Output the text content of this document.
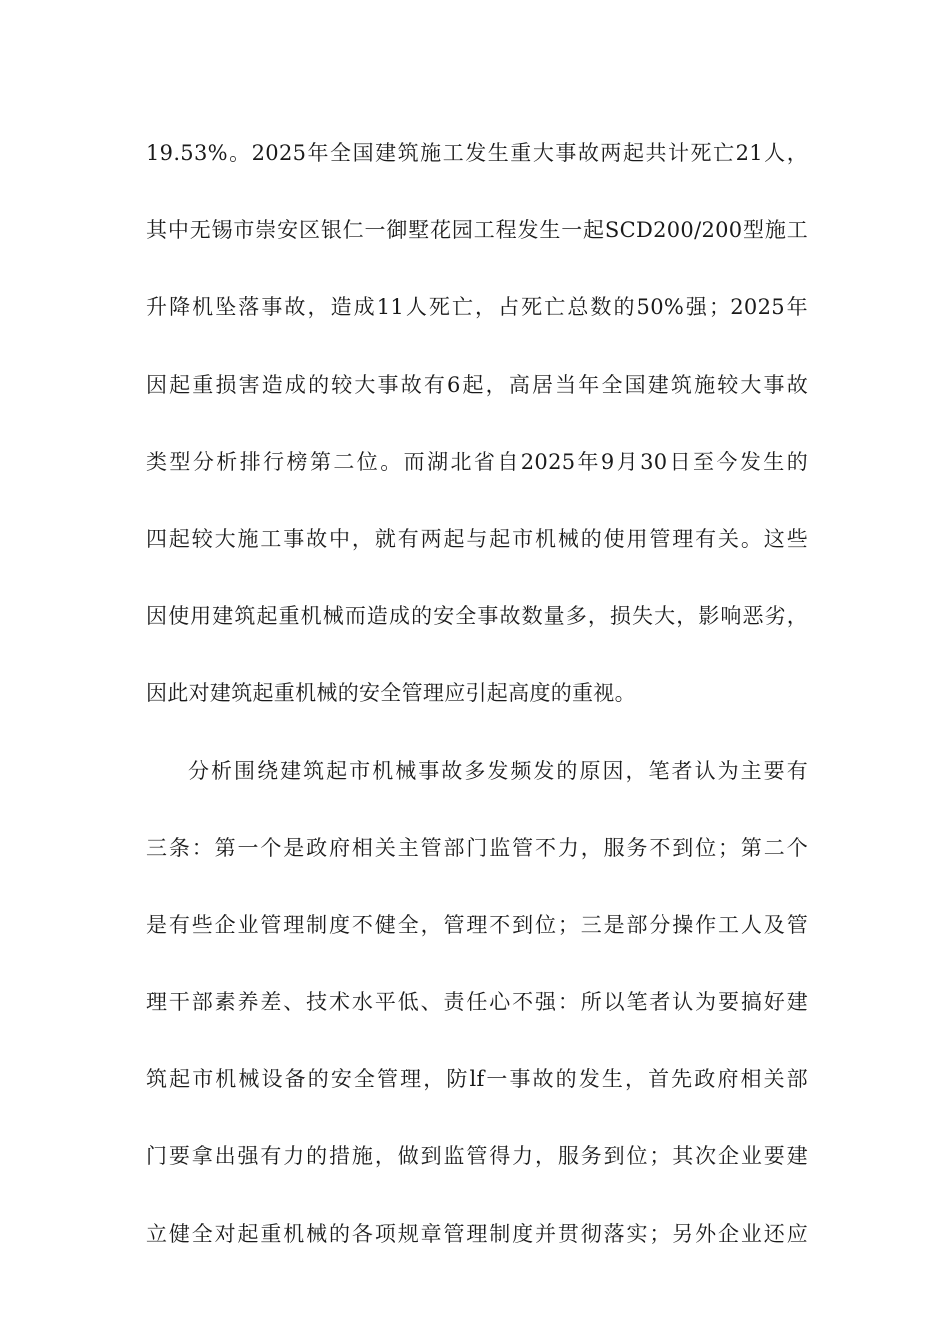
19.53%。2025年全国建筑施工发生重大事故两起共计死亡21人，
其中无锡市崇安区银仁一御墅花园工程发生一起SCD200/200型施工
升降机坠落事故，造成11人死亡，占死亡总数的50%强；2025年
因起重损害造成的较大事故有6起，高居当年全国建筑施较大事故
类型分析排行榜第二位。而湖北省自2025年9月30日至今发生的
四起较大施工事故中，就有两起与起市机械的使用管理有关。这些
因使用建筑起重机械而造成的安全事故数量多，损失大，影响恶劣，
因此对建筑起重机械的安全管理应引起高度的重视。
分析围绕建筑起市机械事故多发频发的原因，笔者认为主要有
三条：第一个是政府相关主管部门监管不力，服务不到位；第二个
是有些企业管理制度不健全，管理不到位；三是部分操作工人及管
理干部素养差、技术水平低、责任心不强：所以笔者认为要搞好建
筑起市机械设备的安全管理，防lf一事故的发生，首先政府相关部
门要拿出强有力的措施，做到监管得力，服务到位；其次企业要建
立健全对起重机械的各项规章管理制度并贯彻落实；另外企业还应
